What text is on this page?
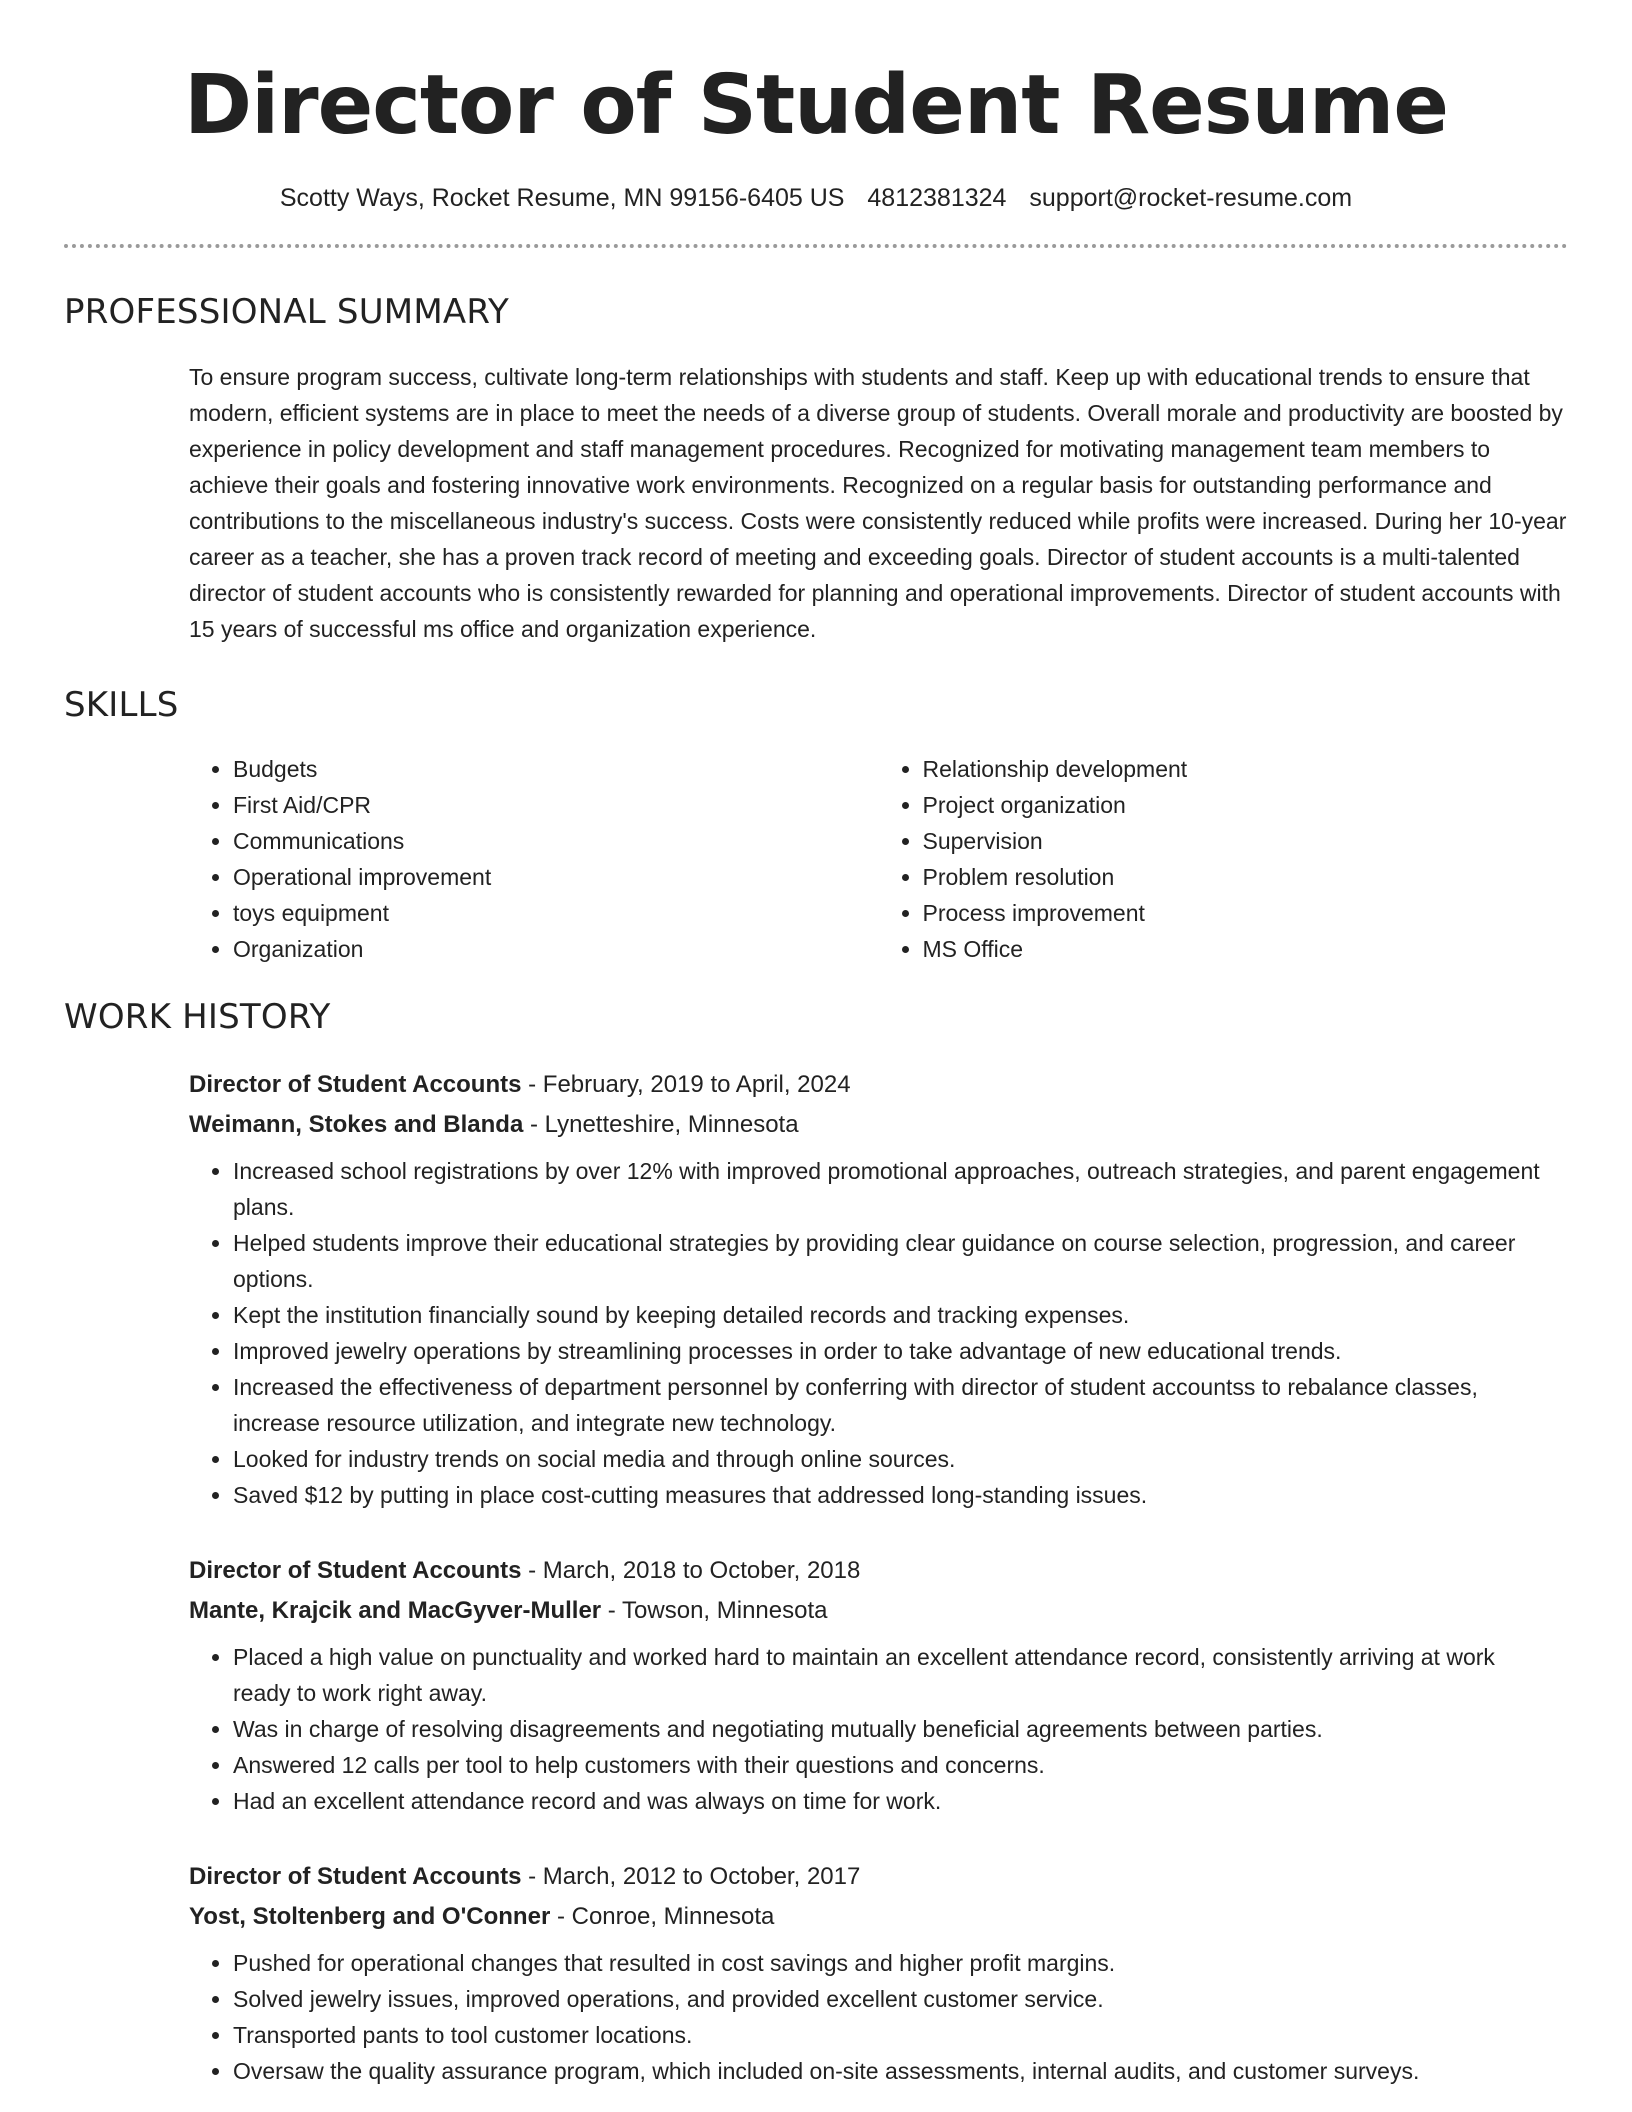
Director of Student Resume
Scotty Ways, Rocket Resume, MN 99156-6405 US 4812381324 support@rocket-resume.com
PROFESSIONAL SUMMARY
To ensure program success, cultivate long-term relationships with students and staff. Keep up with educational trends to ensure that modern, efficient systems are in place to meet the needs of a diverse group of students. Overall morale and productivity are boosted by experience in policy development and staff management procedures. Recognized for motivating management team members to achieve their goals and fostering innovative work environments. Recognized on a regular basis for outstanding performance and contributions to the miscellaneous industry's success. Costs were consistently reduced while profits were increased. During her 10-year career as a teacher, she has a proven track record of meeting and exceeding goals. Director of student accounts is a multi-talented director of student accounts who is consistently rewarded for planning and operational improvements. Director of student accounts with 15 years of successful ms office and organization experience.
SKILLS
• Budgets
• First Aid/CPR
• Communications
• Operational improvement
• toys equipment
• Organization
• Relationship development
• Project organization
• Supervision
• Problem resolution
• Process improvement
• MS Office
WORK HISTORY
Director of Student Accounts - February, 2019 to April, 2024
Weimann, Stokes and Blanda - Lynetteshire, Minnesota
• Increased school registrations by over 12% with improved promotional approaches, outreach strategies, and parent engagement plans.
• Helped students improve their educational strategies by providing clear guidance on course selection, progression, and career options.
• Kept the institution financially sound by keeping detailed records and tracking expenses.
• Improved jewelry operations by streamlining processes in order to take advantage of new educational trends.
• Increased the effectiveness of department personnel by conferring with director of student accountss to rebalance classes, increase resource utilization, and integrate new technology.
• Looked for industry trends on social media and through online sources.
• Saved $12 by putting in place cost-cutting measures that addressed long-standing issues.
Director of Student Accounts - March, 2018 to October, 2018
Mante, Krajcik and MacGyver-Muller - Towson, Minnesota
• Placed a high value on punctuality and worked hard to maintain an excellent attendance record, consistently arriving at work ready to work right away.
• Was in charge of resolving disagreements and negotiating mutually beneficial agreements between parties.
• Answered 12 calls per tool to help customers with their questions and concerns.
• Had an excellent attendance record and was always on time for work.
Director of Student Accounts - March, 2012 to October, 2017
Yost, Stoltenberg and O'Conner - Conroe, Minnesota
• Pushed for operational changes that resulted in cost savings and higher profit margins.
• Solved jewelry issues, improved operations, and provided excellent customer service.
• Transported pants to tool customer locations.
• Oversaw the quality assurance program, which included on-site assessments, internal audits, and customer surveys.
